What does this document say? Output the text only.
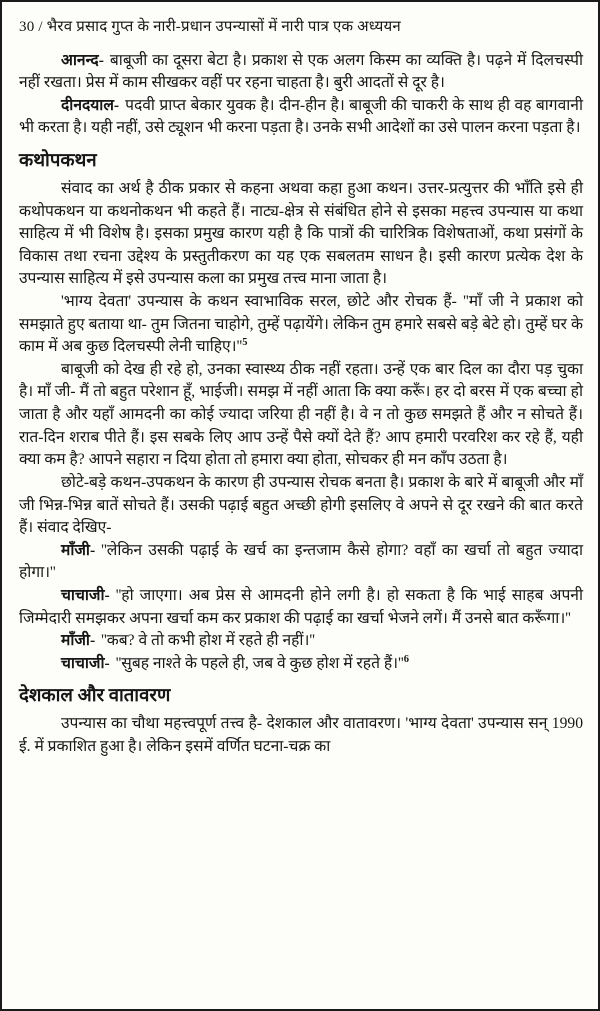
30 / भैरव प्रसाद गुप्त के नारी-प्रधान उपन्यासों में नारी पात्र एक अध्ययन

आनन्द- बाबूजी का दूसरा बेटा है। प्रकाश से एक अलग किस्म का व्यक्ति है। पढ़ने में दिलचस्पी नहीं रखता। प्रेस में काम सीखकर वहीं पर रहना चाहता है। बुरी आदतों से दूर है।

दीनदयाल- पदवी प्राप्त बेकार युवक है। दीन-हीन है। बाबूजी की चाकरी के साथ ही वह बागवानी भी करता है। यही नहीं, उसे ट्यूशन भी करना पड़ता है। उनके सभी आदेशों का उसे पालन करना पड़ता है।

कथोपकथन

संवाद का अर्थ है ठीक प्रकार से कहना अथवा कहा हुआ कथन। उत्तर-प्रत्युत्तर की भाँति इसे ही कथोपकथन या कथनोकथन भी कहते हैं। नाट्य-क्षेत्र से संबंधित होने से इसका महत्त्व उपन्यास या कथा साहित्य में भी विशेष है। इसका प्रमुख कारण यही है कि पात्रों की चारित्रिक विशेषताओं, कथा प्रसंगों के विकास तथा रचना उद्देश्य के प्रस्तुतीकरण का यह एक सबलतम साधन है। इसी कारण प्रत्येक देश के उपन्यास साहित्य में इसे उपन्यास कला का प्रमुख तत्त्व माना जाता है।

'भाग्य देवता' उपन्यास के कथन स्वाभाविक सरल, छोटे और रोचक हैं- ''माँ जी ने प्रकाश को समझाते हुए बताया था- तुम जितना चाहोगे, तुम्हें पढ़ायेंगे। लेकिन तुम हमारे सबसे बड़े बेटे हो। तुम्हें घर के काम में अब कुछ दिलचस्पी लेनी चाहिए।''$^5$

बाबूजी को देख ही रहे हो, उनका स्वास्थ्य ठीक नहीं रहता। उन्हें एक बार दिल का दौरा पड़ चुका है। माँ जी- मैं तो बहुत परेशान हूँ, भाईजी। समझ में नहीं आता कि क्या करूँ। हर दो बरस में एक बच्चा हो जाता है और यहाँ आमदनी का कोई ज्यादा जरिया ही नहीं है। वे न तो कुछ समझते हैं और न सोचते हैं। रात-दिन शराब पीते हैं। इस सबके लिए आप उन्हें पैसे क्यों देते हैं? आप हमारी परवरिश कर रहे हैं, यही क्या कम है? आपने सहारा न दिया होता तो हमारा क्या होता, सोचकर ही मन काँप उठता है।

छोटे-बड़े कथन-उपकथन के कारण ही उपन्यास रोचक बनता है। प्रकाश के बारे में बाबूजी और माँ जी भिन्न-भिन्न बातें सोचते हैं। उसकी पढ़ाई बहुत अच्छी होगी इसलिए वे अपने से दूर रखने की बात करते हैं। संवाद देखिए-

माँजी- ''लेकिन उसकी पढ़ाई के खर्च का इन्तजाम कैसे होगा? वहाँ का खर्चा तो बहुत ज्यादा होगा।''

चाचाजी- ''हो जाएगा। अब प्रेस से आमदनी होने लगी है। हो सकता है कि भाई साहब अपनी जिम्मेदारी समझकर अपना खर्चा कम कर प्रकाश की पढ़ाई का खर्चा भेजने लगें। मैं उनसे बात करूँगा।''

माँजी- ''कब? वे तो कभी होश में रहते ही नहीं।''

चाचाजी- ''सुबह नाश्ते के पहले ही, जब वे कुछ होश में रहते हैं।''$^6$

देशकाल और वातावरण

उपन्यास का चौथा महत्त्वपूर्ण तत्त्व है- देशकाल और वातावरण। 'भाग्य देवता' उपन्यास सन् 1990 ई. में प्रकाशित हुआ है। लेकिन इसमें वर्णित घटना-चक्र का
